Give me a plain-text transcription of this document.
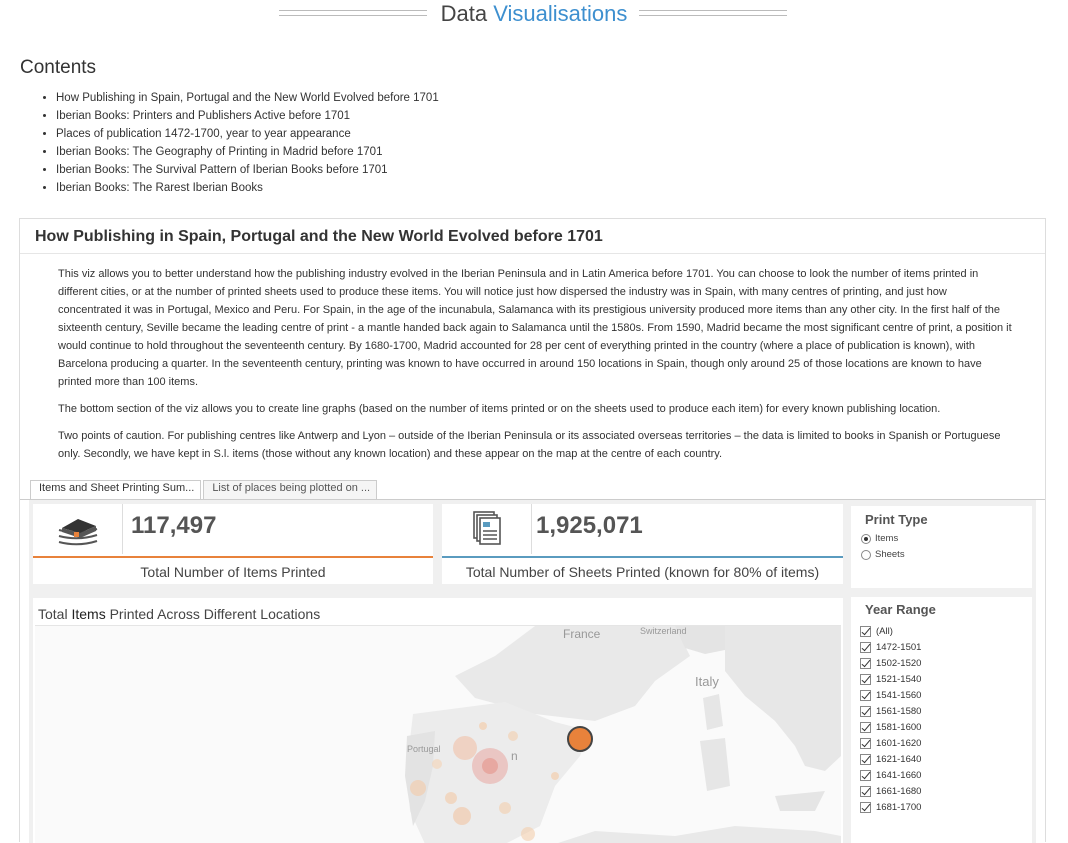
Data Visualisations
Contents
• How Publishing in Spain, Portugal and the New World Evolved before 1701
• Iberian Books: Printers and Publishers Active before 1701
• Places of publication 1472-1700, year to year appearance
• Iberian Books: The Geography of Printing in Madrid before 1701
• Iberian Books: The Survival Pattern of Iberian Books before 1701
• Iberian Books: The Rarest Iberian Books
How Publishing in Spain, Portugal and the New World Evolved before 1701

This viz allows you to better understand how the publishing industry evolved in the Iberian Peninsula and in Latin America before 1701. You can choose to look the number of items printed in different cities, or at the number of printed sheets used to produce these items. You will notice just how dispersed the industry was in Spain, with many centres of printing, and just how concentrated it was in Portugal, Mexico and Peru. For Spain, in the age of the incunabula, Salamanca with its prestigious university produced more items than any other city. In the first half of the sixteenth century, Seville became the leading centre of print - a mantle handed back again to Salamanca until the 1580s. From 1590, Madrid became the most significant centre of print, a position it would continue to hold throughout the seventeenth century. By 1680-1700, Madrid accounted for 28 per cent of everything printed in the country (where a place of publication is known), with Barcelona producing a quarter. In the seventeenth century, printing was known to have occurred in around 150 locations in Spain, though only around 25 of those locations are known to have printed more than 100 items.

The bottom section of the viz allows you to create line graphs (based on the number of items printed or on the sheets used to produce each item) for every known publishing location.

Two points of caution. For publishing centres like Antwerp and Lyon – outside of the Iberian Peninsula or its associated overseas territories – the data is limited to books in Spanish or Portuguese only. Secondly, we have kept in S.l. items (those without any known location) and these appear on the map at the centre of each country.

Items and Sheet Printing Sum...	List of places being plotted on ...
117,497
Total Number of Items Printed
1,925,071
Total Number of Sheets Printed (known for 80% of items)
Print Type
Items
Sheets
Total Items Printed Across Different Locations
France	Switzerland
Italy
Portugal	n
Year Range
(All)
1472-1501
1502-1520
1521-1540
1541-1560
1561-1580
1581-1600
1601-1620
1621-1640
1641-1660
1661-1680
1681-1700
